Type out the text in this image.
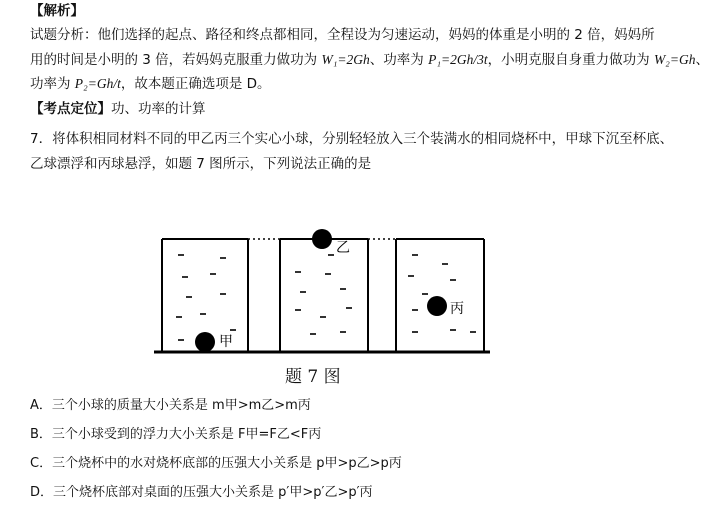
【解析】
试题分析：他们选择的起点、路径和终点都相同，全程设为匀速运动，妈妈的体重是小明的 2 倍，妈妈所
用的时间是小明的 3 倍，若妈妈克服重力做功为 W₁=2Gh、功率为 P₁=2Gh/3t，小明克服自身重力做功为 W₂=Gh、
功率为 P₂=Gh/t，故本题正确选项是 D。
【考点定位】功、功率的计算
7．将体积相同材料不同的甲乙丙三个实心小球，分别轻轻放入三个装满水的相同烧杯中，甲球下沉至杯底、
乙球漂浮和丙球悬浮，如题 7 图所示，下列说法正确的是
甲
乙
丙
题 7 图
A．三个小球的质量大小关系是 m甲>m乙>m丙
B．三个小球受到的浮力大小关系是 F甲=F乙<F丙
C．三个烧杯中的水对烧杯底部的压强大小关系是 p甲>p乙>p丙
D．三个烧杯底部对桌面的压强大小关系是 p′甲>p′乙>p′丙
